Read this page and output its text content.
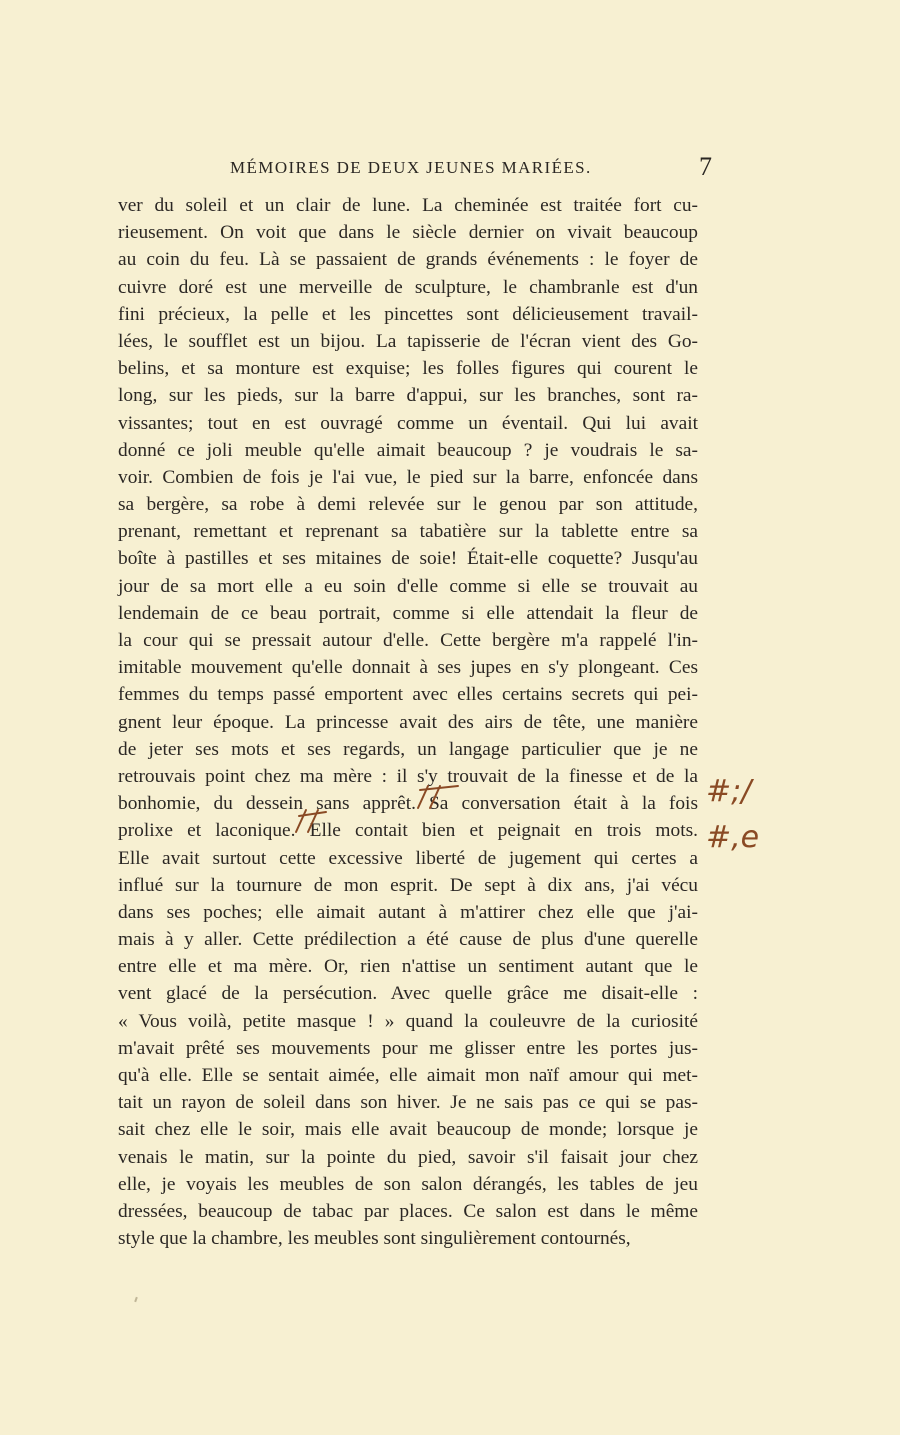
MÉMOIRES DE DEUX JEUNES MARIÉES.	7
ver du soleil et un clair de lune. La cheminée est traitée fort cu-
rieusement. On voit que dans le siècle dernier on vivait beaucoup
au coin du feu. Là se passaient de grands événements : le foyer de
cuivre doré est une merveille de sculpture, le chambranle est d'un
fini précieux, la pelle et les pincettes sont délicieusement travail-
lées, le soufflet est un bijou. La tapisserie de l'écran vient des Go-
belins, et sa monture est exquise; les folles figures qui courent le
long, sur les pieds, sur la barre d'appui, sur les branches, sont ra-
vissantes; tout en est ouvragé comme un éventail. Qui lui avait
donné ce joli meuble qu'elle aimait beaucoup ? je voudrais le sa-
voir. Combien de fois je l'ai vue, le pied sur la barre, enfoncée dans
sa bergère, sa robe à demi relevée sur le genou par son attitude,
prenant, remettant et reprenant sa tabatière sur la tablette entre sa
boîte à pastilles et ses mitaines de soie! Était-elle coquette? Jusqu'au
jour de sa mort elle a eu soin d'elle comme si elle se trouvait au
lendemain de ce beau portrait, comme si elle attendait la fleur de
la cour qui se pressait autour d'elle. Cette bergère m'a rappelé l'in-
imitable mouvement qu'elle donnait à ses jupes en s'y plongeant. Ces
femmes du temps passé emportent avec elles certains secrets qui pei-
gnent leur époque. La princesse avait des airs de tête, une manière
de jeter ses mots et ses regards, un langage particulier que je ne
retrouvais point chez ma mère : il s'y trouvait de la finesse et de la
bonhomie, du dessein sans apprêt. Sa conversation était à la fois
prolixe et laconique. Elle contait bien et peignait en trois mots.
Elle avait surtout cette excessive liberté de jugement qui certes a
influé sur la tournure de mon esprit. De sept à dix ans, j'ai vécu
dans ses poches; elle aimait autant à m'attirer chez elle que j'ai-
mais à y aller. Cette prédilection a été cause de plus d'une querelle
entre elle et ma mère. Or, rien n'attise un sentiment autant que le
vent glacé de la persécution. Avec quelle grâce me disait-elle :
« Vous voilà, petite masque ! » quand la couleuvre de la curiosité
m'avait prêté ses mouvements pour me glisser entre les portes jus-
qu'à elle. Elle se sentait aimée, elle aimait mon naïf amour qui met-
tait un rayon de soleil dans son hiver. Je ne sais pas ce qui se pas-
sait chez elle le soir, mais elle avait beaucoup de monde; lorsque je
venais le matin, sur la pointe du pied, savoir s'il faisait jour chez
elle, je voyais les meubles de son salon dérangés, les tables de jeu
dressées, beaucoup de tabac par places. Ce salon est dans le même
style que la chambre, les meubles sont singulièrement contournés,
#;/
#,e
